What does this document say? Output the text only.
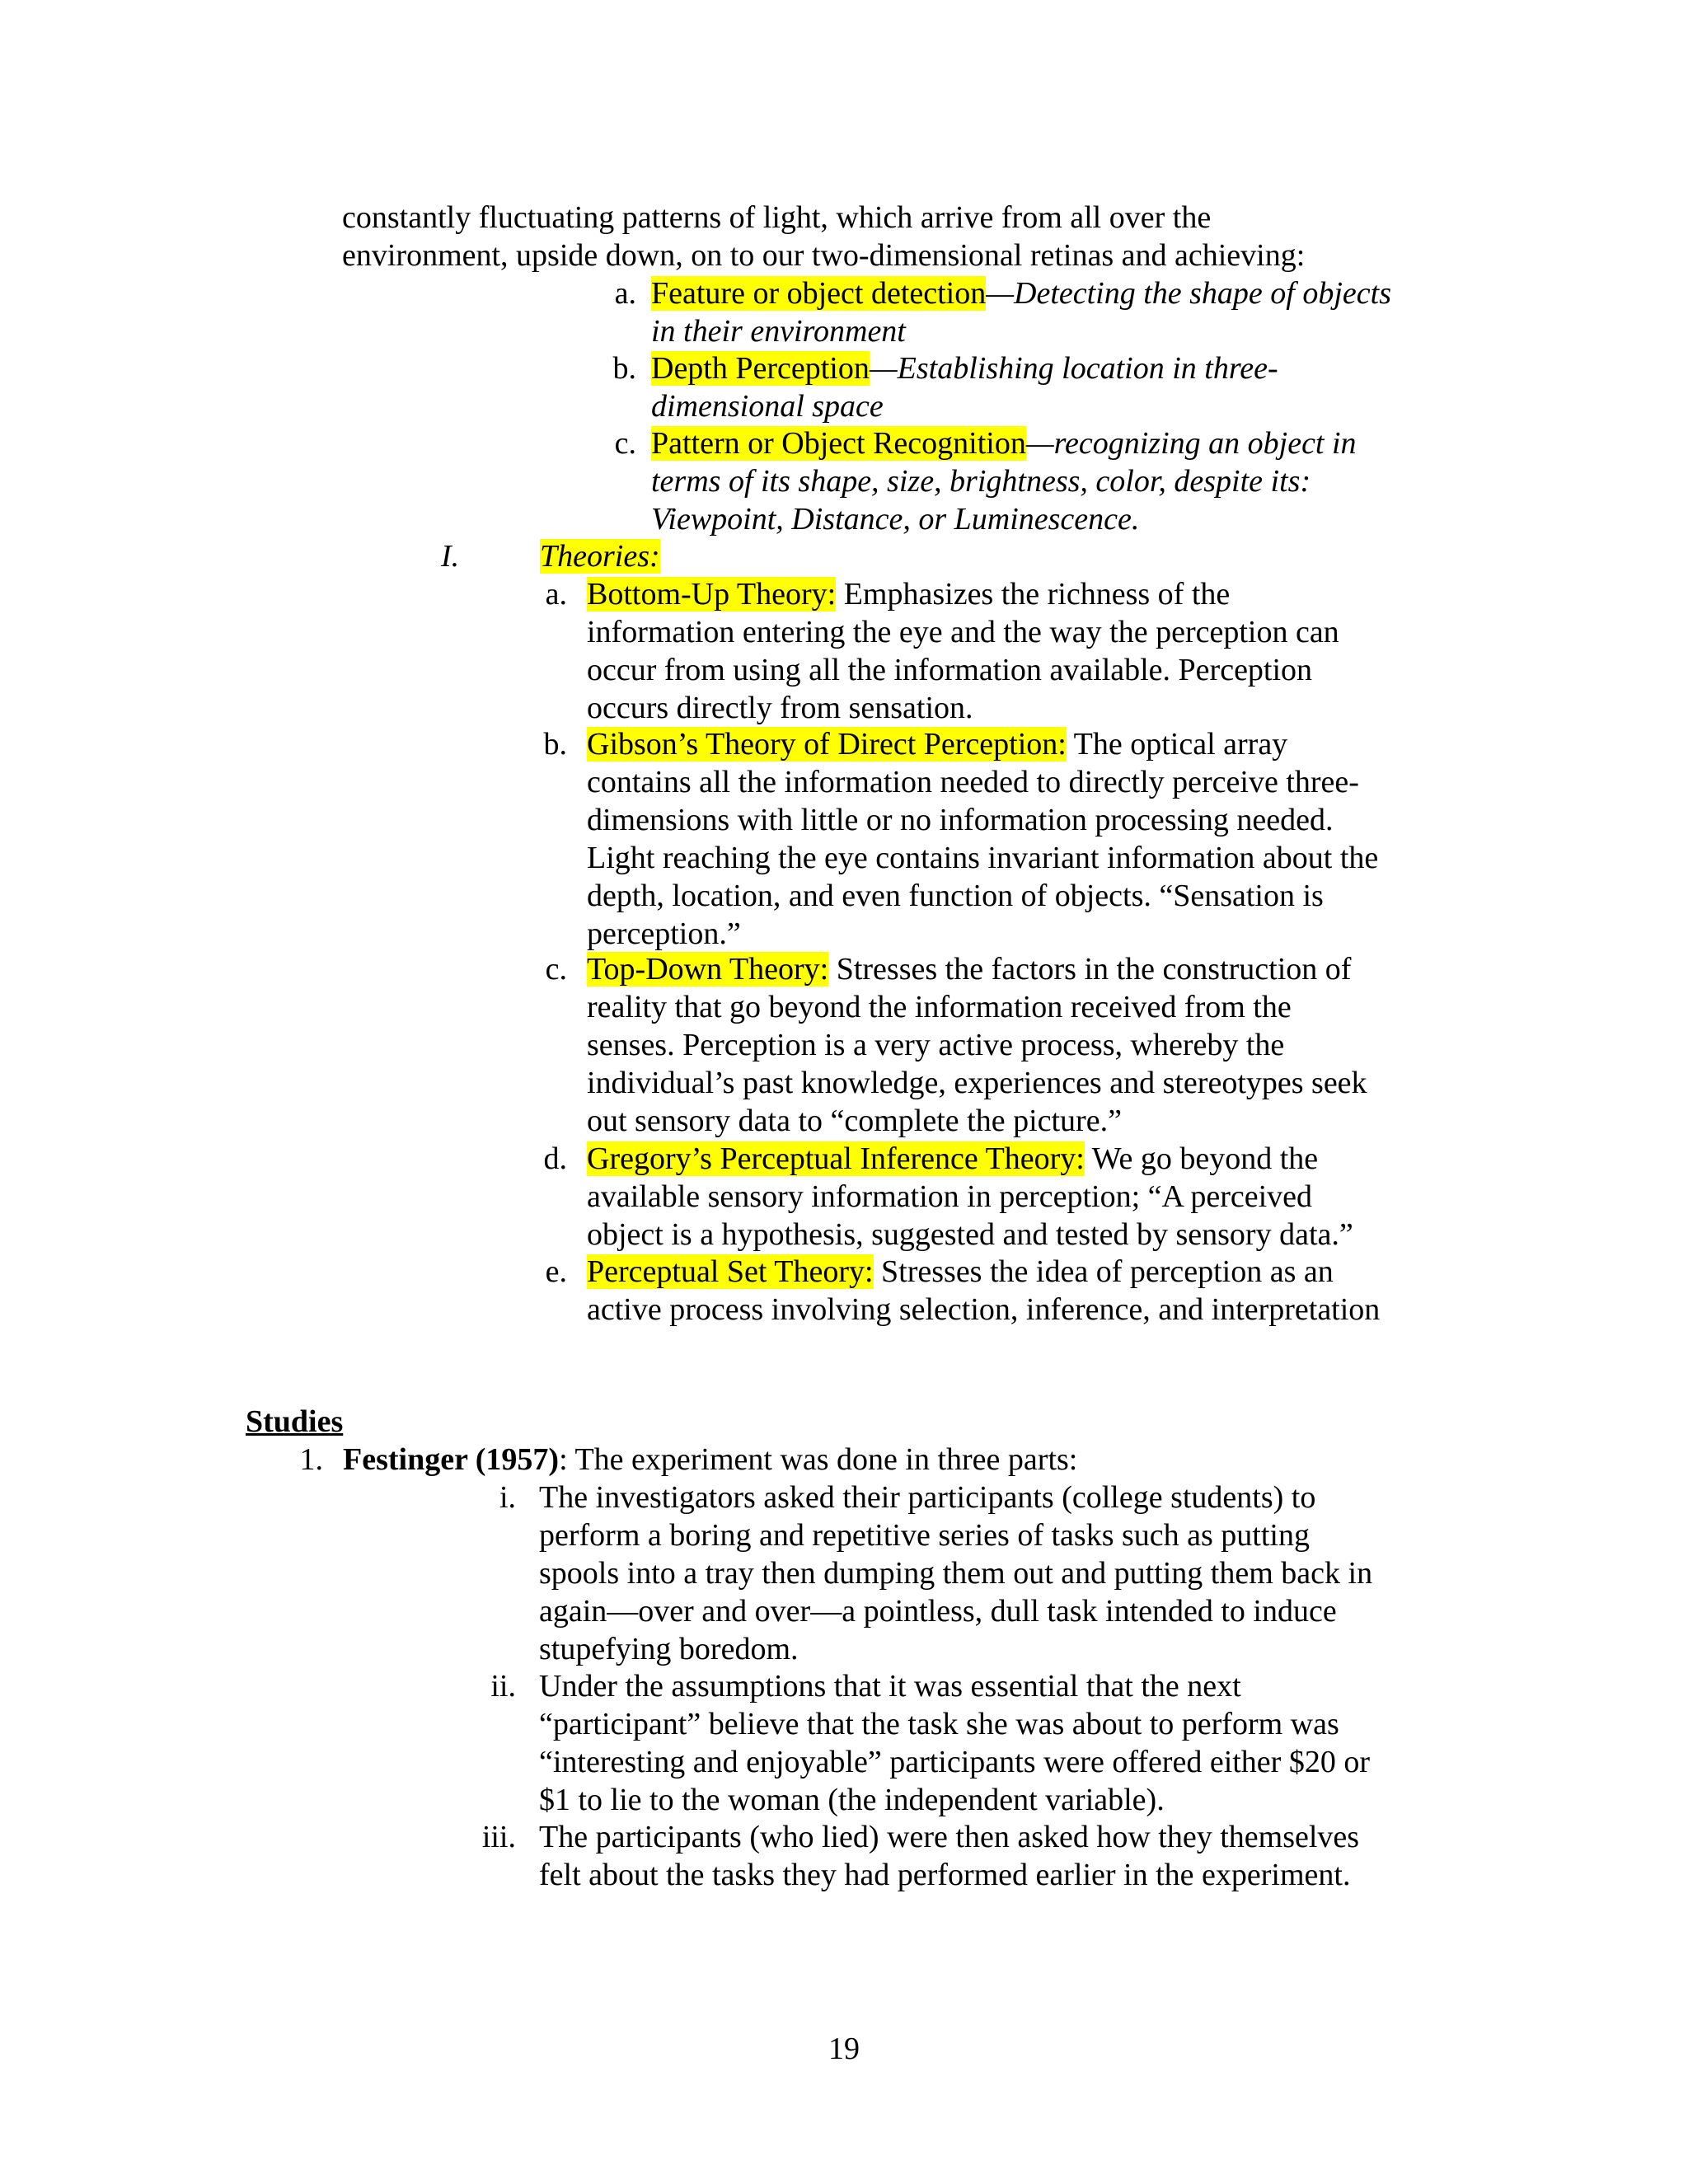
constantly fluctuating patterns of light, which arrive from all over the
environment, upside down, on to our two-dimensional retinas and achieving:
a. Feature or object detection—Detecting the shape of objects
in their environment
b. Depth Perception—Establishing location in three-
dimensional space
c. Pattern or Object Recognition—recognizing an object in
terms of its shape, size, brightness, color, despite its:
Viewpoint, Distance, or Luminescence.
I.	Theories:
a. Bottom-Up Theory: Emphasizes the richness of the
information entering the eye and the way the perception can
occur from using all the information available. Perception
occurs directly from sensation.
b. Gibson’s Theory of Direct Perception: The optical array
contains all the information needed to directly perceive three-
dimensions with little or no information processing needed.
Light reaching the eye contains invariant information about the
depth, location, and even function of objects. “Sensation is
perception.”
c. Top-Down Theory: Stresses the factors in the construction of
reality that go beyond the information received from the
senses. Perception is a very active process, whereby the
individual’s past knowledge, experiences and stereotypes seek
out sensory data to “complete the picture.”
d. Gregory’s Perceptual Inference Theory: We go beyond the
available sensory information in perception; “A perceived
object is a hypothesis, suggested and tested by sensory data.”
e. Perceptual Set Theory: Stresses the idea of perception as an
active process involving selection, inference, and interpretation
Studies
1. Festinger (1957): The experiment was done in three parts:
i. The investigators asked their participants (college students) to
perform a boring and repetitive series of tasks such as putting
spools into a tray then dumping them out and putting them back in
again—over and over—a pointless, dull task intended to induce
stupefying boredom.
ii. Under the assumptions that it was essential that the next
“participant” believe that the task she was about to perform was
“interesting and enjoyable” participants were offered either $20 or
$1 to lie to the woman (the independent variable).
iii. The participants (who lied) were then asked how they themselves
felt about the tasks they had performed earlier in the experiment.
19
